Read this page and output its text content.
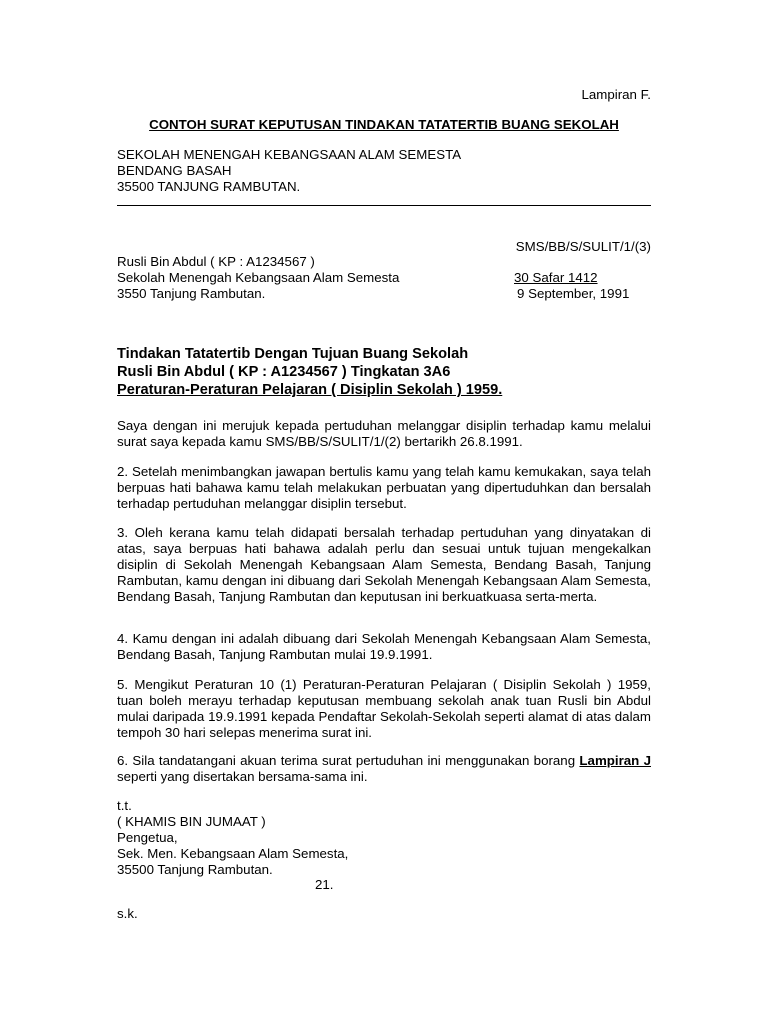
Lampiran F.
CONTOH SURAT KEPUTUSAN TINDAKAN TATATERTIB BUANG SEKOLAH
SEKOLAH MENENGAH KEBANGSAAN ALAM SEMESTA
BENDANG BASAH
35500 TANJUNG RAMBUTAN.
SMS/BB/S/SULIT/1/(3)
Rusli Bin Abdul ( KP : A1234567 )
Sekolah Menengah Kebangsaan Alam Semesta
3550 Tanjung Rambutan.
30 Safar 1412
9 September, 1991
Tindakan Tatatertib Dengan Tujuan Buang Sekolah
Rusli Bin Abdul ( KP : A1234567 ) Tingkatan 3A6
Peraturan-Peraturan Pelajaran ( Disiplin Sekolah ) 1959.
Saya dengan ini merujuk kepada pertuduhan melanggar disiplin terhadap kamu melalui surat saya kepada kamu SMS/BB/S/SULIT/1/(2) bertarikh 26.8.1991.
2. Setelah menimbangkan jawapan bertulis kamu yang telah kamu kemukakan, saya telah berpuas hati bahawa kamu telah melakukan perbuatan yang dipertuduhkan dan bersalah terhadap pertuduhan melanggar disiplin tersebut.
3. Oleh kerana kamu telah didapati bersalah terhadap pertuduhan yang dinyatakan di atas, saya berpuas hati bahawa adalah perlu dan sesuai untuk tujuan mengekalkan disiplin di Sekolah Menengah Kebangsaan Alam Semesta, Bendang Basah, Tanjung Rambutan, kamu dengan ini dibuang dari Sekolah Menengah Kebangsaan Alam Semesta, Bendang Basah, Tanjung Rambutan dan keputusan ini berkuatkuasa serta-merta.
4. Kamu dengan ini adalah dibuang dari Sekolah Menengah Kebangsaan Alam Semesta, Bendang Basah, Tanjung Rambutan mulai 19.9.1991.
5. Mengikut Peraturan 10 (1) Peraturan-Peraturan Pelajaran ( Disiplin Sekolah ) 1959, tuan boleh merayu terhadap keputusan membuang sekolah anak tuan Rusli bin Abdul mulai daripada 19.9.1991 kepada Pendaftar Sekolah-Sekolah seperti alamat di atas dalam tempoh 30 hari selepas menerima surat ini.
6. Sila tandatangani akuan terima surat pertuduhan ini menggunakan borang Lampiran J seperti yang disertakan bersama-sama ini.
t.t.
( KHAMIS BIN JUMAAT )
Pengetua,
Sek. Men. Kebangsaan Alam Semesta,
35500 Tanjung Rambutan.
21.
s.k.
